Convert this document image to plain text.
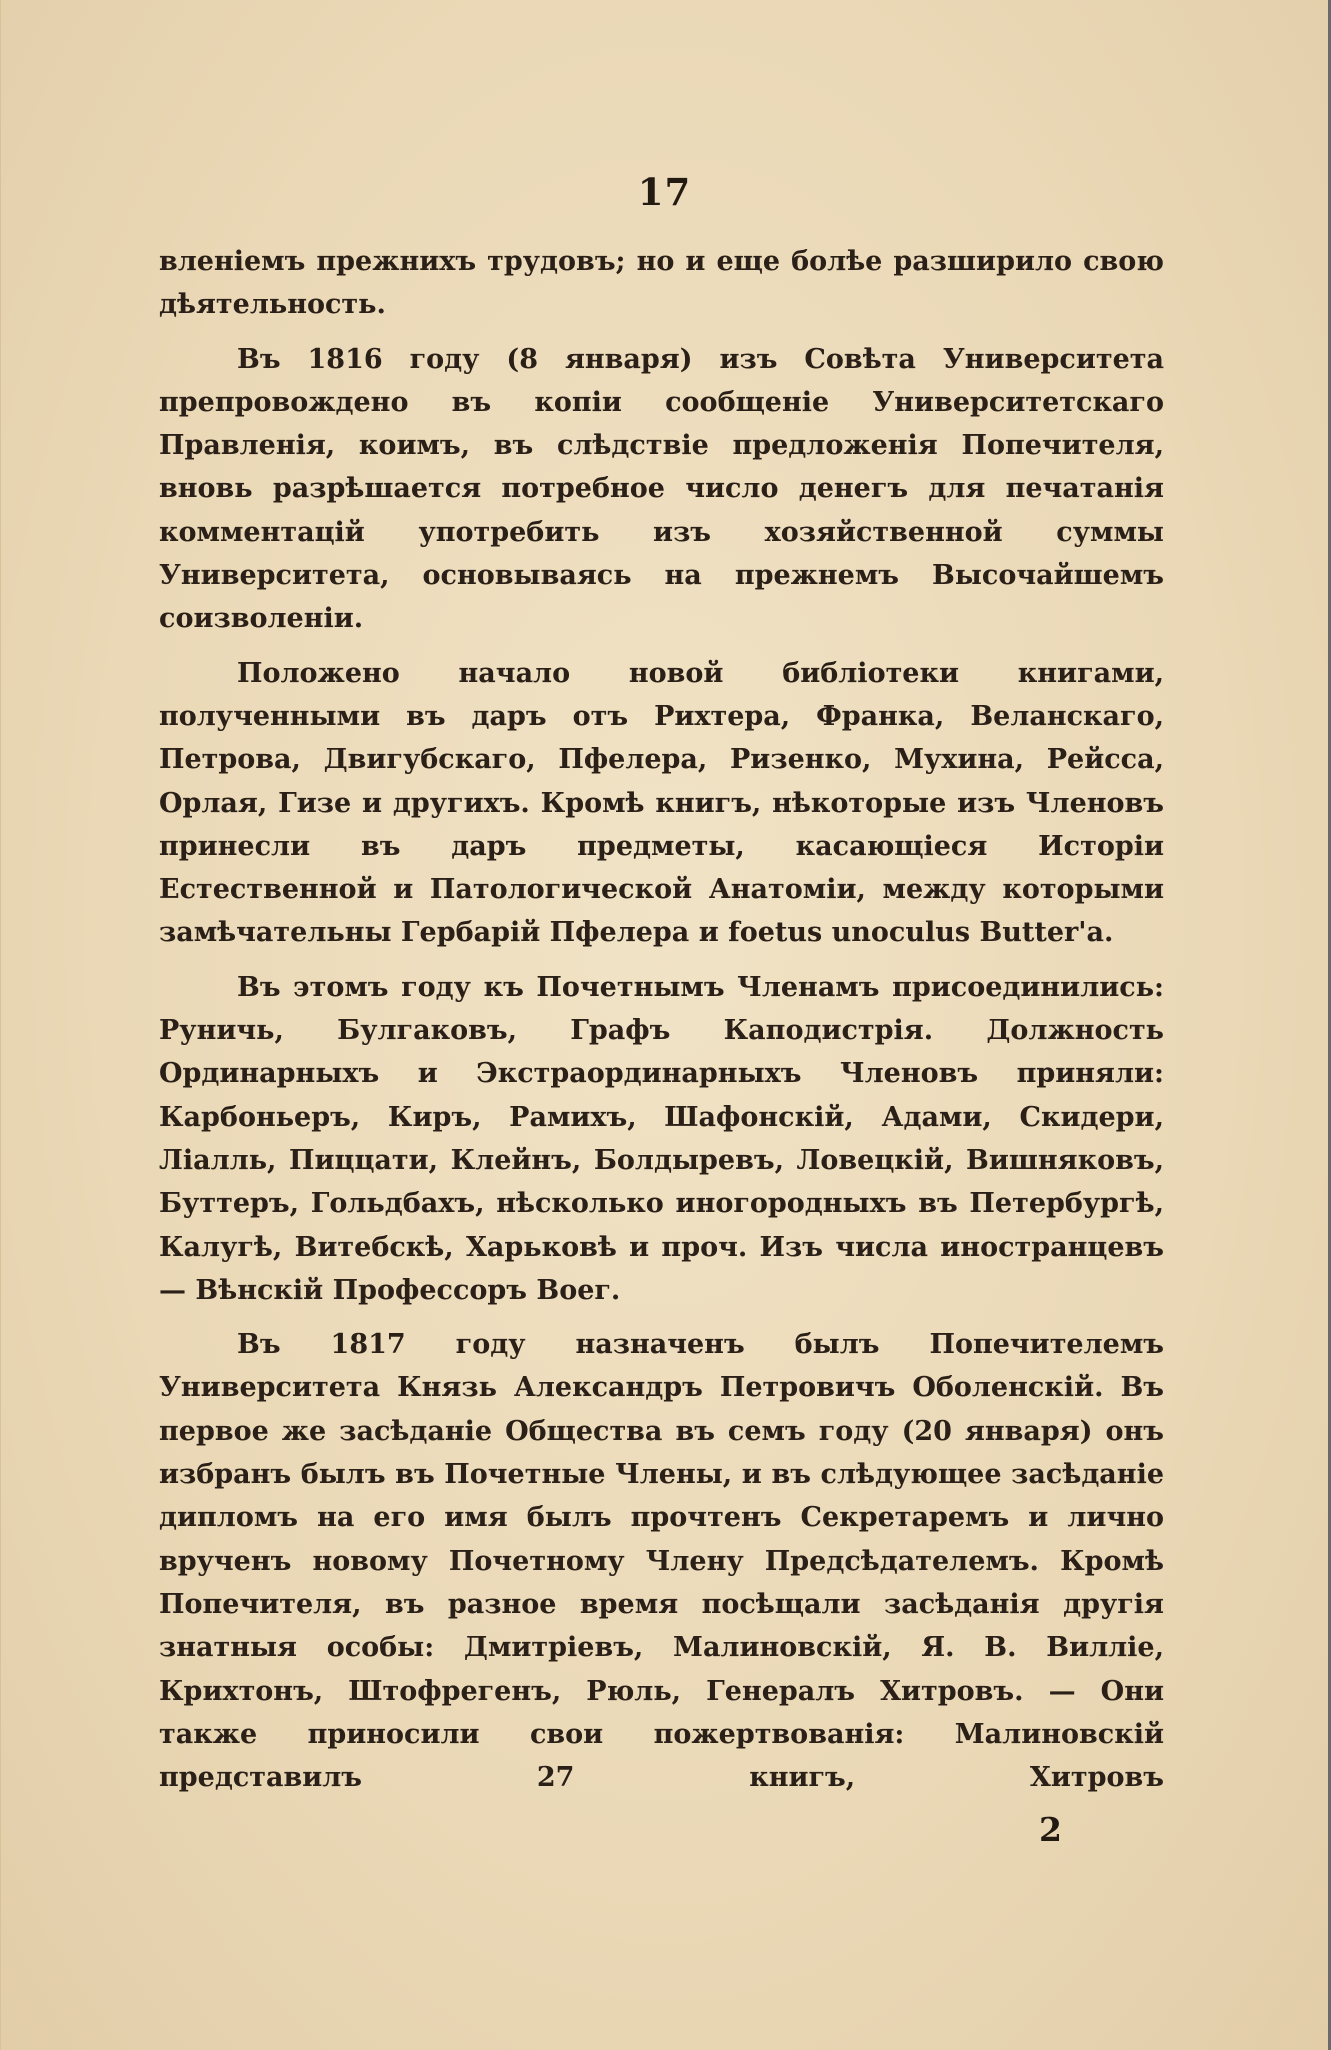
17

вленiемъ прежнихъ трудовъ; но и еще болѣе разширило свою дѣятельность.

Въ 1816 году (8 января) изъ Совѣта Университета препровождено въ копiи сообщенiе Университетскаго Правленiя, коимъ, въ слѣдствiе предложенiя Попечителя, вновь разрѣшается потребное число денегъ для печатанiя комментацiй употребить изъ хозяйственной суммы Университета, основываясь на прежнемъ Высочайшемъ соизволенiи.

Положено начало новой библiотеки книгами, полученными въ даръ отъ Рихтера, Франка, Веланскаго, Петрова, Двигубскаго, Пфелера, Ризенко, Мухина, Рейсса, Орлая, Гизе и другихъ. Кромѣ книгъ, нѣкоторые изъ Членовъ принесли въ даръ предметы, касающiеся Исторiи Естественной и Патологической Анатомiи, между которыми замѣчательны Гербарiй Пфелера и foetus unoculus Butter'a.

Въ этомъ году къ Почетнымъ Членамъ присоединились: Руничь, Булгаковъ, Графъ Каподистрiя. Должность Ординарныхъ и Экстраординарныхъ Членовъ приняли: Карбоньеръ, Киръ, Рамихъ, Шафонскiй, Адами, Скидери, Лiалль, Пиццати, Клейнъ, Болдыревъ, Ловецкiй, Вишняковъ, Буттеръ, Гольдбахъ, нѣсколько иногородныхъ въ Петербургѣ, Калугѣ, Витебскѣ, Харьковѣ и проч. Изъ числа иностранцевъ — Вѣнскiй Профессоръ Воег.

Въ 1817 году назначенъ былъ Попечителемъ Университета Князь Александръ Петровичъ Оболенскiй. Въ первое же засѣданiе Общества въ семъ году (20 января) онъ избранъ былъ въ Почетные Члены, и въ слѣдующее засѣданiе дипломъ на его имя былъ прочтенъ Секретаремъ и лично врученъ новому Почетному Члену Предсѣдателемъ. Кромѣ Попечителя, въ разное время посѣщали засѣданiя другiя знатныя особы: Дмитрiевъ, Малиновскiй, Я. В. Виллiе, Крихтонъ, Штофрегенъ, Рюль, Генералъ Хитровъ. — Они также приносили свои пожертвованiя: Малиновскiй представилъ 27 книгъ, Хитровъ

2
